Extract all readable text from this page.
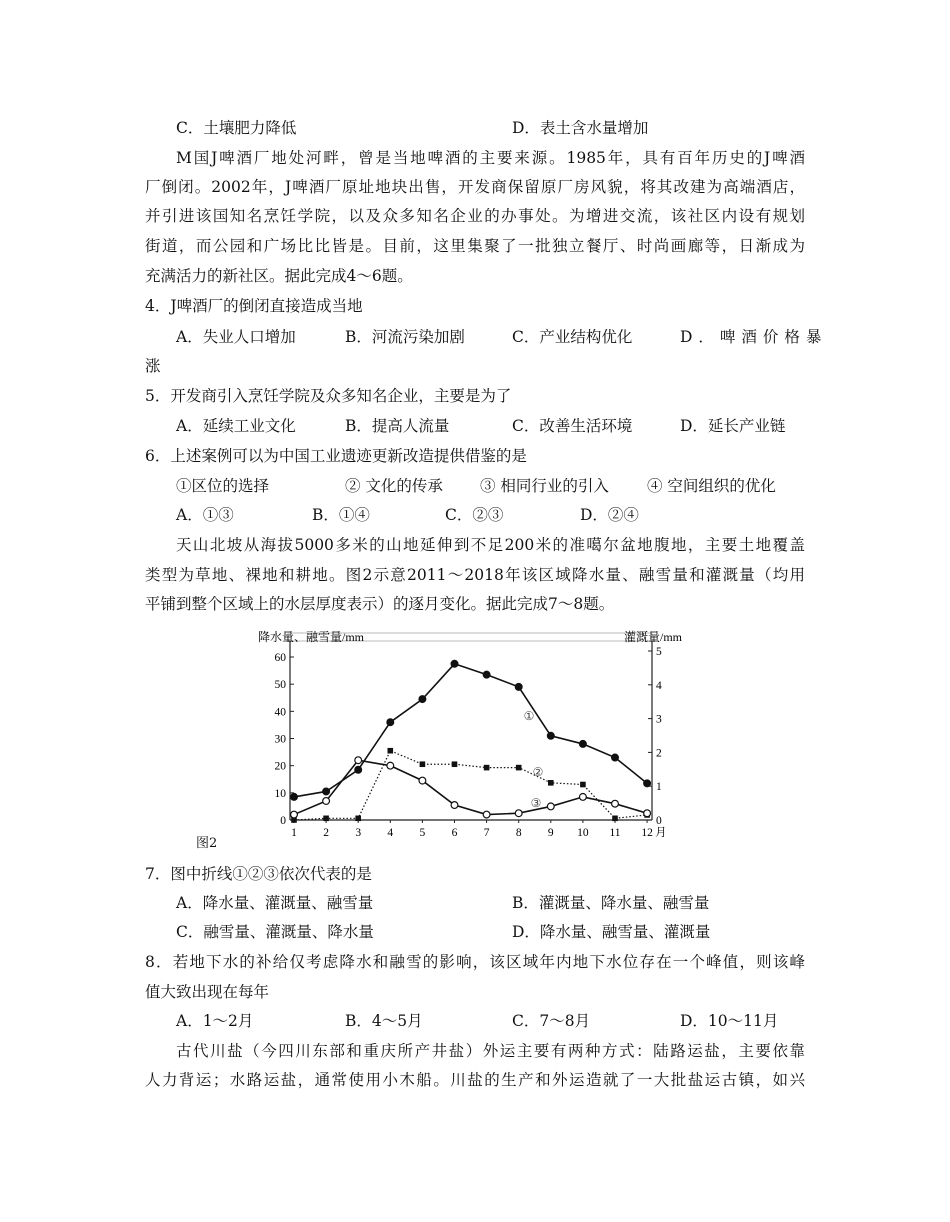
C．土壤肥力降低	D．表土含水量增加
M国J啤酒厂地处河畔，曾是当地啤酒的主要来源。1985年，具有百年历史的J啤酒
厂倒闭。2002年，J啤酒厂原址地块出售，开发商保留原厂房风貌，将其改建为高端酒店，
并引进该国知名烹饪学院，以及众多知名企业的办事处。为增进交流，该社区内设有规划
街道，而公园和广场比比皆是。目前，这里集聚了一批独立餐厅、时尚画廊等，日渐成为
充满活力的新社区。据此完成4～6题。
4．J啤酒厂的倒闭直接造成当地
A．失业人口增加	B．河流污染加剧	C．产业结构优化	D．啤酒价格暴
涨
5．开发商引入烹饪学院及众多知名企业，主要是为了
A．延续工业文化	B．提高人流量	C．改善生活环境	D．延长产业链
6．上述案例可以为中国工业遗迹更新改造提供借鉴的是
①区位的选择	② 文化的传承 ③ 相同行业的引入 ④ 空间组织的优化
A．①③	B．①④	C．②③	D．②④
天山北坡从海拔5000多米的山地延伸到不足200米的准噶尔盆地腹地，主要土地覆盖
类型为草地、裸地和耕地。图2示意2011～2018年该区域降水量、融雪量和灌溉量（均用
平铺到整个区域上的水层厚度表示）的逐月变化。据此完成7～8题。
降水量、融雪量/mm	灌溉量/mm
0
10
20
30
40
50
60
0
1
2
3
4
5
1 2 3 4 5 6 7 8 9 10 11 12 月
①
②
③
图2
7．图中折线①②③依次代表的是
A．降水量、灌溉量、融雪量	B．灌溉量、降水量、融雪量
C．融雪量、灌溉量、降水量	D．降水量、融雪量、灌溉量
8．若地下水的补给仅考虑降水和融雪的影响，该区域年内地下水位存在一个峰值，则该峰
值大致出现在每年
A．1～2月	B．4～5月	C．7～8月	D．10～11月
古代川盐（今四川东部和重庆所产井盐）外运主要有两种方式：陆路运盐，主要依靠
人力背运；水路运盐，通常使用小木船。川盐的生产和外运造就了一大批盐运古镇，如兴
